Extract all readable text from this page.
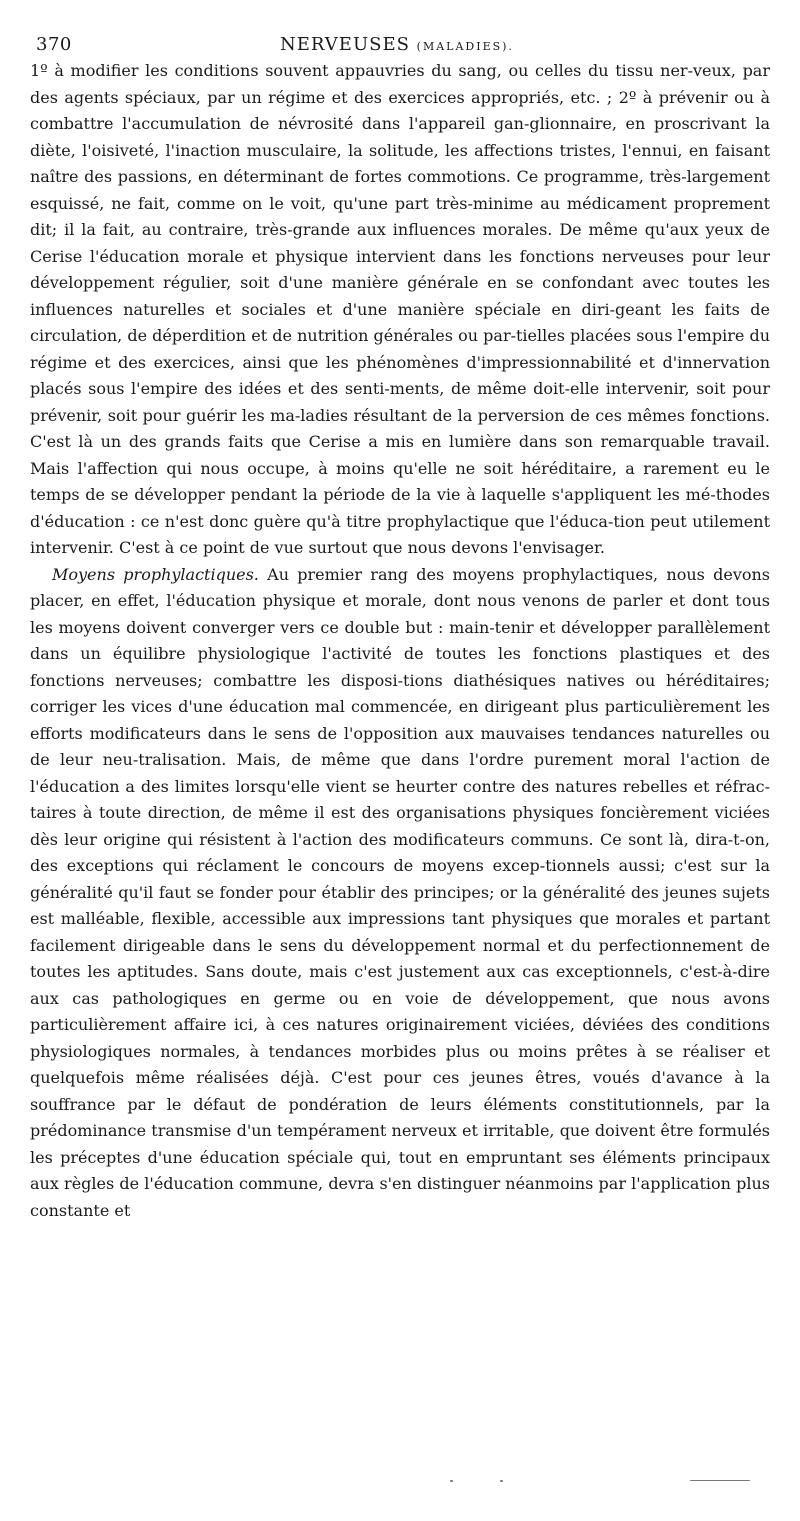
370	NERVEUSES (MALADIES).

1º à modifier les conditions souvent appauvries du sang, ou celles du tissu ner-veux, par des agents spéciaux, par un régime et des exercices appropriés, etc. ; 2º à prévenir ou à combattre l'accumulation de névrosité dans l'appareil gan-glionnaire, en proscrivant la diète, l'oisiveté, l'inaction musculaire, la solitude, les affections tristes, l'ennui, en faisant naître des passions, en déterminant de fortes commotions. Ce programme, très-largement esquissé, ne fait, comme on le voit, qu'une part très-minime au médicament proprement dit; il la fait, au contraire, très-grande aux influences morales. De même qu'aux yeux de Cerise l'éducation morale et physique intervient dans les fonctions nerveuses pour leur développement régulier, soit d'une manière générale en se confondant avec toutes les influences naturelles et sociales et d'une manière spéciale en diri-geant les faits de circulation, de déperdition et de nutrition générales ou par-tielles placées sous l'empire du régime et des exercices, ainsi que les phénomènes d'impressionnabilité et d'innervation placés sous l'empire des idées et des senti-ments, de même doit-elle intervenir, soit pour prévenir, soit pour guérir les ma-ladies résultant de la perversion de ces mêmes fonctions. C'est là un des grands faits que Cerise a mis en lumière dans son remarquable travail. Mais l'affection qui nous occupe, à moins qu'elle ne soit héréditaire, a rarement eu le temps de se développer pendant la période de la vie à laquelle s'appliquent les mé-thodes d'éducation : ce n'est donc guère qu'à titre prophylactique que l'éduca-tion peut utilement intervenir. C'est à ce point de vue surtout que nous devons l'envisager.

Moyens prophylactiques. Au premier rang des moyens prophylactiques, nous devons placer, en effet, l'éducation physique et morale, dont nous venons de parler et dont tous les moyens doivent converger vers ce double but : main-tenir et développer parallèlement dans un équilibre physiologique l'activité de toutes les fonctions plastiques et des fonctions nerveuses; combattre les disposi-tions diathésiques natives ou héréditaires; corriger les vices d'une éducation mal commencée, en dirigeant plus particulièrement les efforts modificateurs dans le sens de l'opposition aux mauvaises tendances naturelles ou de leur neu-tralisation. Mais, de même que dans l'ordre purement moral l'action de l'éducation a des limites lorsqu'elle vient se heurter contre des natures rebelles et réfrac-taires à toute direction, de même il est des organisations physiques foncièrement viciées dès leur origine qui résistent à l'action des modificateurs communs. Ce sont là, dira-t-on, des exceptions qui réclament le concours de moyens excep-tionnels aussi; c'est sur la généralité qu'il faut se fonder pour établir des principes; or la généralité des jeunes sujets est malléable, flexible, accessible aux impressions tant physiques que morales et partant facilement dirigeable dans le sens du développement normal et du perfectionnement de toutes les aptitudes. Sans doute, mais c'est justement aux cas exceptionnels, c'est-à-dire aux cas pathologiques en germe ou en voie de développement, que nous avons particulièrement affaire ici, à ces natures originairement viciées, déviées des conditions physiologiques normales, à tendances morbides plus ou moins prêtes à se réaliser et quelquefois même réalisées déjà. C'est pour ces jeunes êtres, voués d'avance à la souffrance par le défaut de pondération de leurs éléments constitutionnels, par la prédominance transmise d'un tempérament nerveux et irritable, que doivent être formulés les préceptes d'une éducation spéciale qui, tout en empruntant ses éléments principaux aux règles de l'éducation commune, devra s'en distinguer néanmoins par l'application plus constante et
